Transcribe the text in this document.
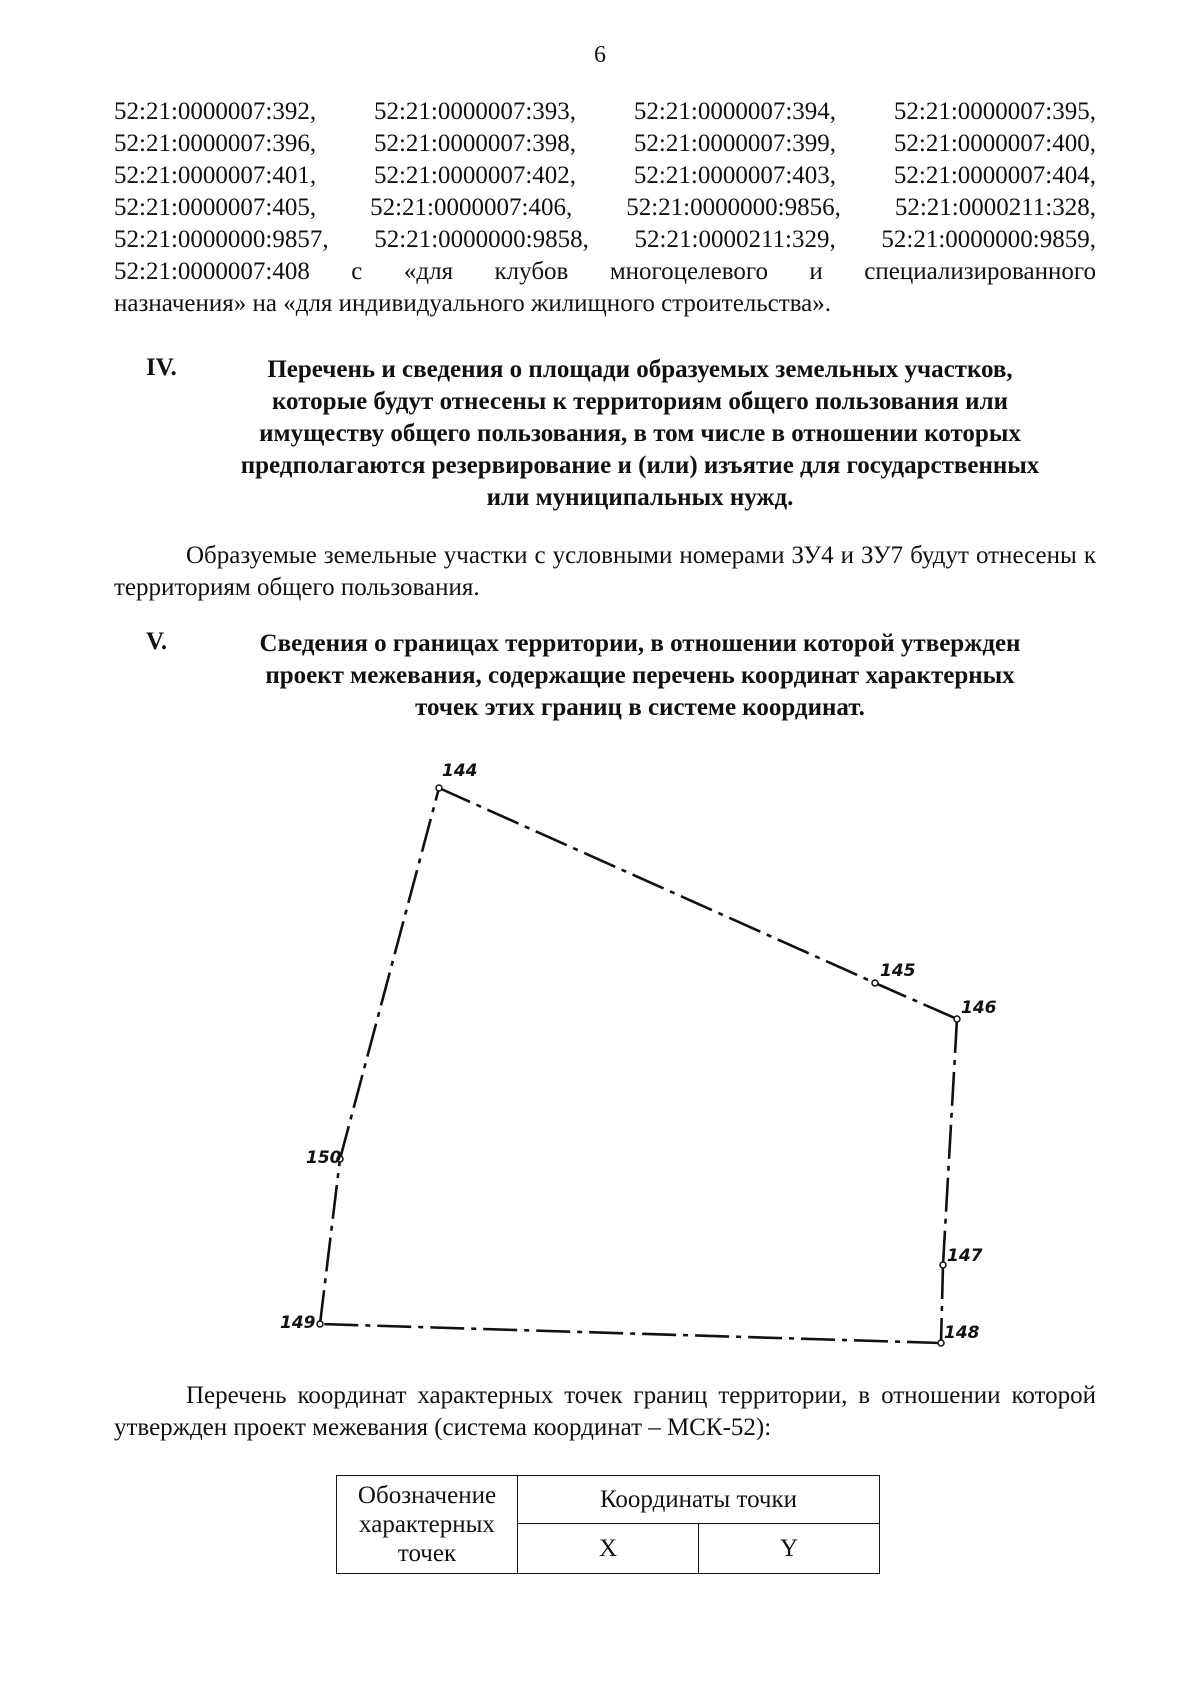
6
52:21:0000007:392, 52:21:0000007:393, 52:21:0000007:394, 52:21:0000007:395,
52:21:0000007:396, 52:21:0000007:398, 52:21:0000007:399, 52:21:0000007:400,
52:21:0000007:401, 52:21:0000007:402, 52:21:0000007:403, 52:21:0000007:404,
52:21:0000007:405, 52:21:0000007:406, 52:21:0000000:9856, 52:21:0000211:328,
52:21:0000000:9857, 52:21:0000000:9858, 52:21:0000211:329, 52:21:0000000:9859,
52:21:0000007:408 с «для клубов многоцелевого и специализированного
назначения» на «для индивидуального жилищного строительства».
IV.	Перечень и сведения о площади образуемых земельных участков,
которые будут отнесены к территориям общего пользования или
имуществу общего пользования, в том числе в отношении которых
предполагаются резервирование и (или) изъятие для государственных
или муниципальных нужд.
Образуемые земельные участки с условными номерами ЗУ4 и ЗУ7 будут отнесены к территориям общего пользования.
V.	Сведения о границах территории, в отношении которой утвержден
проект межевания, содержащие перечень координат характерных
точек этих границ в системе координат.
144
145
146
147
148
149
150
Перечень координат характерных точек границ территории, в отношении которой утвержден проект межевания (система координат – МСК-52):
Обозначение характерных точек	Координаты точки	
	X	Y
